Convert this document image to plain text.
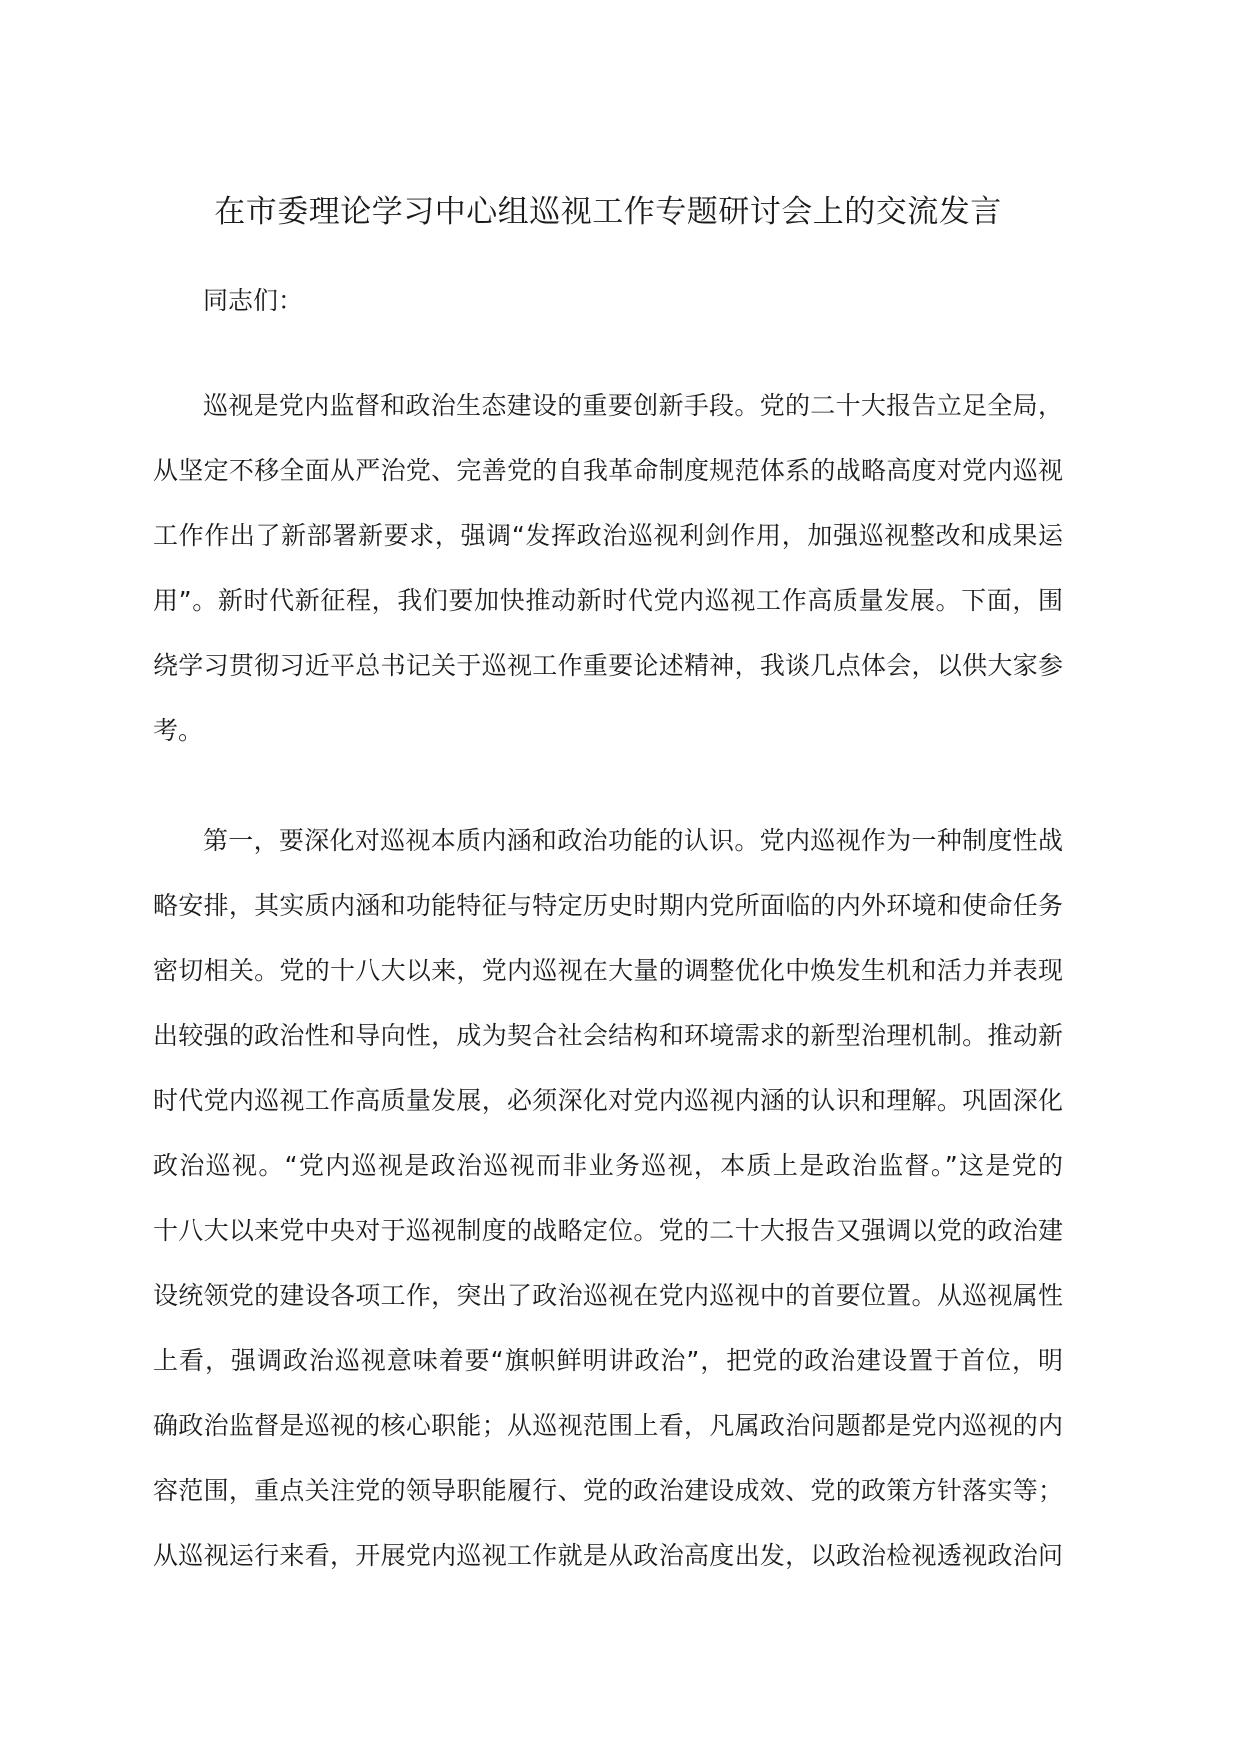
在市委理论学习中心组巡视工作专题研讨会上的交流发言

同志们：

巡视是党内监督和政治生态建设的重要创新手段。党的二十大报告立足全局，
从坚定不移全面从严治党、完善党的自我革命制度规范体系的战略高度对党内巡视
工作作出了新部署新要求，强调“发挥政治巡视利剑作用，加强巡视整改和成果运
用”。新时代新征程，我们要加快推动新时代党内巡视工作高质量发展。下面，围
绕学习贯彻习近平总书记关于巡视工作重要论述精神，我谈几点体会，以供大家参
考。

第一，要深化对巡视本质内涵和政治功能的认识。党内巡视作为一种制度性战
略安排，其实质内涵和功能特征与特定历史时期内党所面临的内外环境和使命任务
密切相关。党的十八大以来，党内巡视在大量的调整优化中焕发生机和活力并表现
出较强的政治性和导向性，成为契合社会结构和环境需求的新型治理机制。推动新
时代党内巡视工作高质量发展，必须深化对党内巡视内涵的认识和理解。巩固深化
政治巡视。“党内巡视是政治巡视而非业务巡视，本质上是政治监督。”这是党的
十八大以来党中央对于巡视制度的战略定位。党的二十大报告又强调以党的政治建
设统领党的建设各项工作，突出了政治巡视在党内巡视中的首要位置。从巡视属性
上看，强调政治巡视意味着要“旗帜鲜明讲政治”，把党的政治建设置于首位，明
确政治监督是巡视的核心职能；从巡视范围上看，凡属政治问题都是党内巡视的内
容范围，重点关注党的领导职能履行、党的政治建设成效、党的政策方针落实等；
从巡视运行来看，开展党内巡视工作就是从政治高度出发，以政治检视透视政治问
